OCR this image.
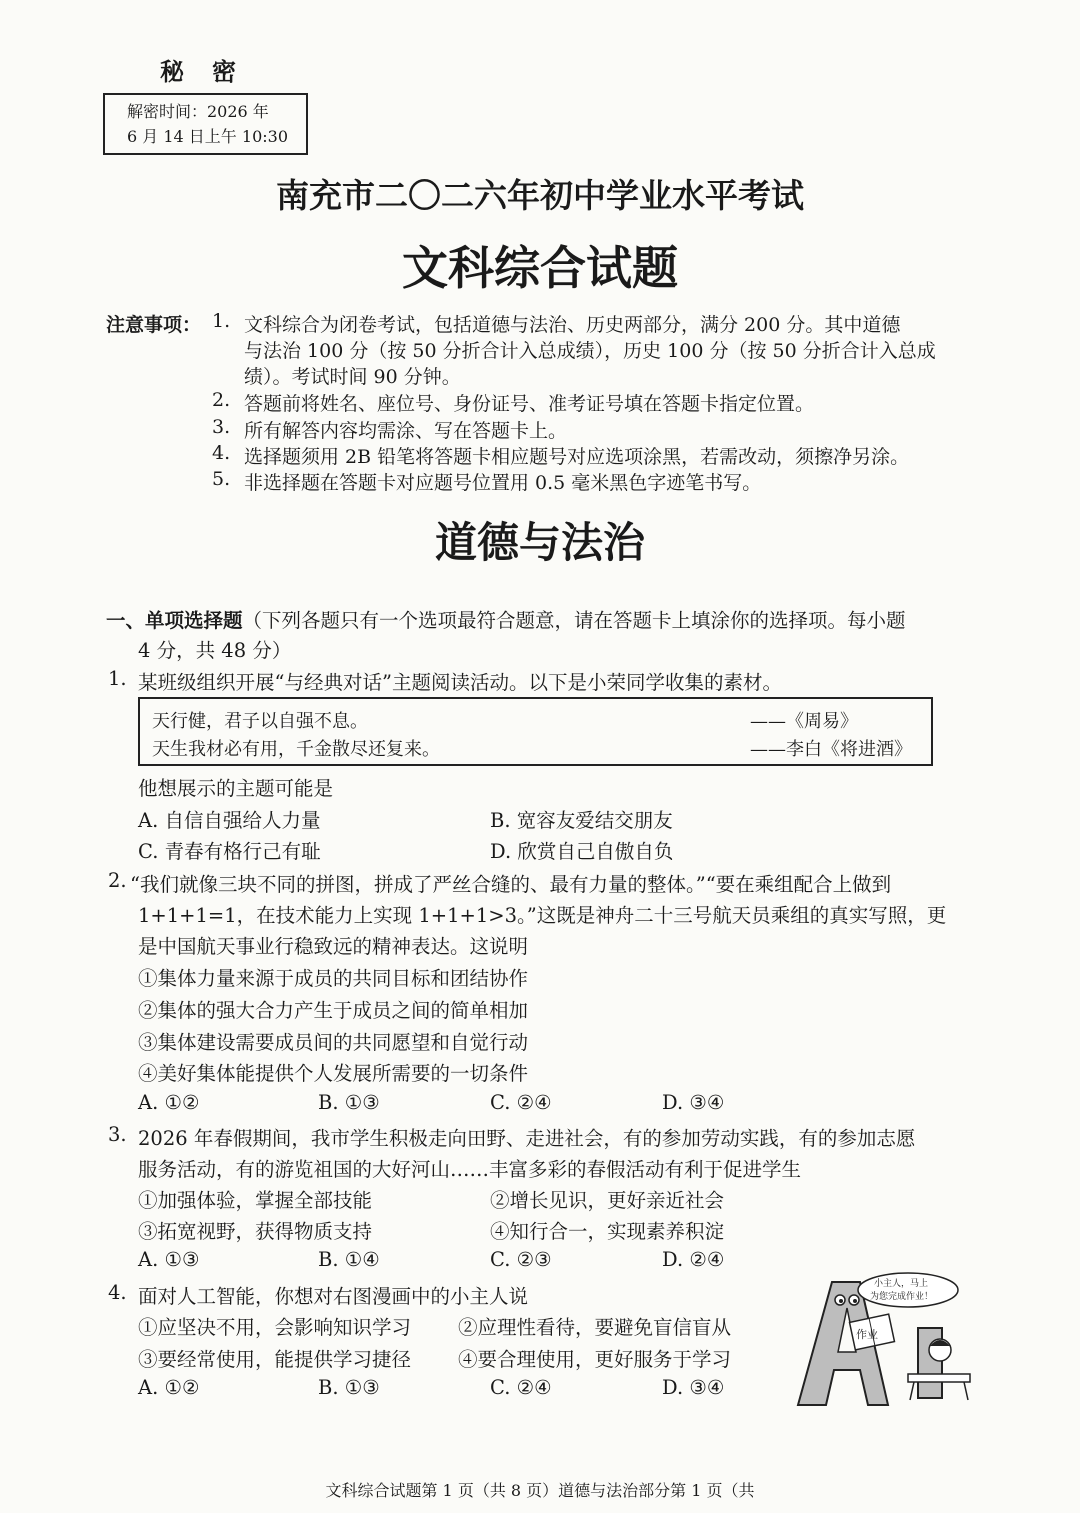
秘 密
解密时间：2026 年
6 月 14 日上午 10:30
南充市二〇二六年初中学业水平考试
文科综合试题
注意事项： 1. 文科综合为闭卷考试，包括道德与法治、历史两部分，满分 200 分。其中道德
与法治 100 分（按 50 分折合计入总成绩），历史 100 分（按 50 分折合计入总成
绩）。考试时间 90 分钟。
2. 答题前将姓名、座位号、身份证号、准考证号填在答题卡指定位置。
3. 所有解答内容均需涂、写在答题卡上。
4. 选择题须用 2B 铅笔将答题卡相应题号对应选项涂黑，若需改动，须擦净另涂。
5. 非选择题在答题卡对应题号位置用 0.5 毫米黑色字迹笔书写。
道德与法治
一、单项选择题（下列各题只有一个选项最符合题意，请在答题卡上填涂你的选择项。每小题
4 分，共 48 分）
1. 某班级组织开展“与经典对话”主题阅读活动。以下是小荣同学收集的素材。
天行健，君子以自强不息。	——《周易》
天生我材必有用，千金散尽还复来。	——李白《将进酒》
他想展示的主题可能是
A. 自信自强给人力量	B. 宽容友爱结交朋友
C. 青春有格行己有耻	D. 欣赏自己自傲自负
2. “我们就像三块不同的拼图，拼成了严丝合缝的、最有力量的整体。”“要在乘组配合上做到
1+1+1=1，在技术能力上实现 1+1+1>3。”这既是神舟二十三号航天员乘组的真实写照，更
是中国航天事业行稳致远的精神表达。这说明
①集体力量来源于成员的共同目标和团结协作
②集体的强大合力产生于成员之间的简单相加
③集体建设需要成员间的共同愿望和自觉行动
④美好集体能提供个人发展所需要的一切条件
A. ①②	B. ①③	C. ②④	D. ③④
3. 2026 年春假期间，我市学生积极走向田野、走进社会，有的参加劳动实践，有的参加志愿
服务活动，有的游览祖国的大好河山……丰富多彩的春假活动有利于促进学生
①加强体验，掌握全部技能	②增长见识，更好亲近社会
③拓宽视野，获得物质支持	④知行合一，实现素养积淀
A. ①③	B. ①④	C. ②③	D. ②④
4. 面对人工智能，你想对右图漫画中的小主人说
①应坚决不用，会影响知识学习 ②应理性看待，要避免盲信盲从
③要经常使用，能提供学习捷径 ④要合理使用，更好服务于学习
A. ①②	B. ①③	C. ②④	D. ③④
作业
小主人，马上
为您完成作业！
文科综合试题第 1 页（共 8 页）道德与法治部分第 1 页（共
